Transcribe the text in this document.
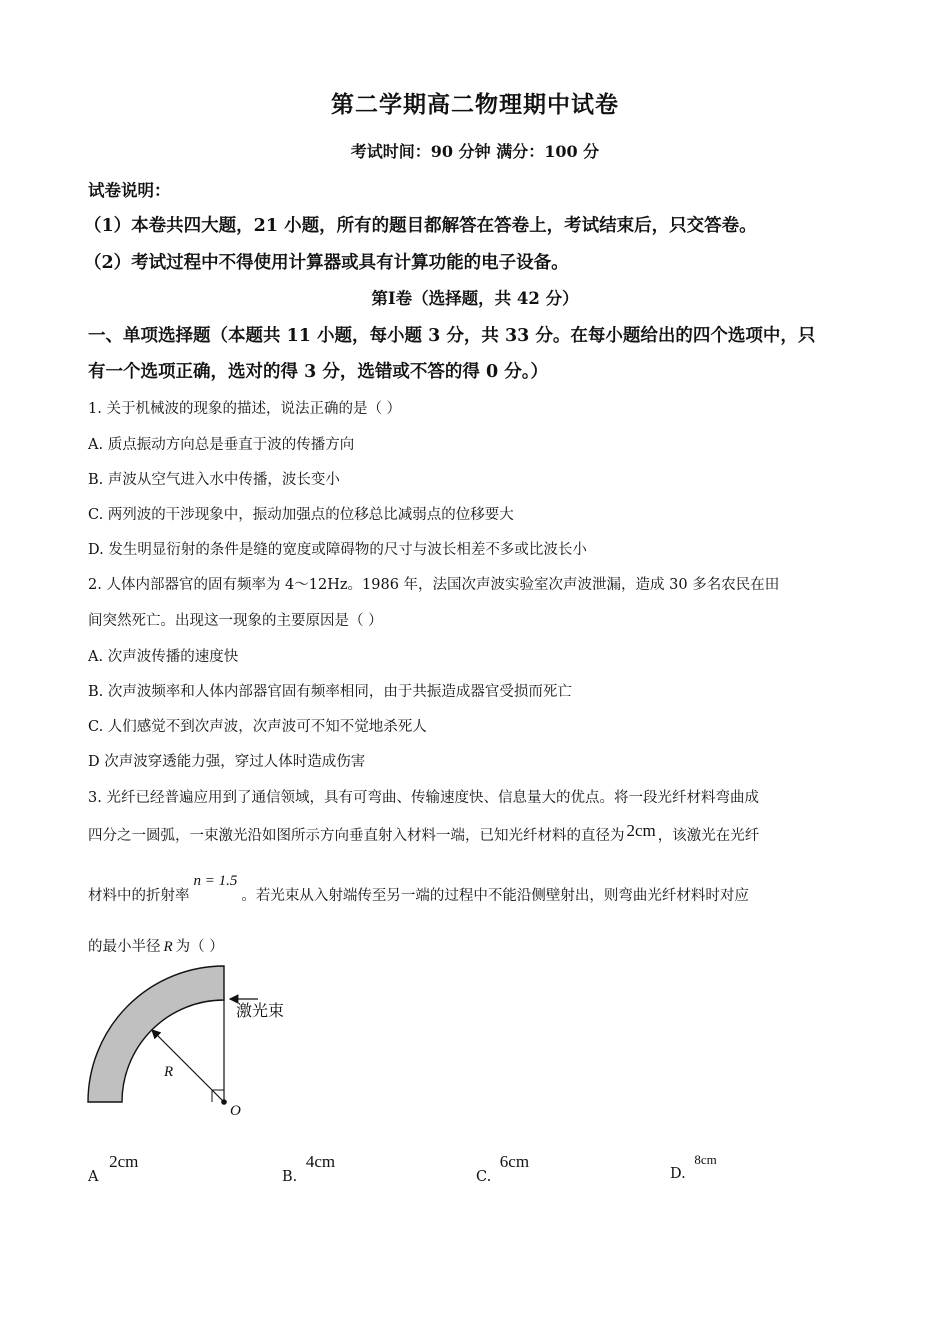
第二学期高二物理期中试卷
考试时间：90 分钟 满分：100 分
试卷说明：
（1）本卷共四大题，21 小题，所有的题目都解答在答卷上，考试结束后，只交答卷。
（2）考试过程中不得使用计算器或具有计算功能的电子设备。
第Ⅰ卷（选择题，共 42 分）
一、单项选择题（本题共 11 小题，每小题 3 分，共 33 分。在每小题给出的四个选项中，只
有一个选项正确，选对的得 3 分，选错或不答的得 0 分。）
1. 关于机械波的现象的描述，说法正确的是（ ）
A. 质点振动方向总是垂直于波的传播方向
B. 声波从空气进入水中传播，波长变小
C. 两列波的干涉现象中，振动加强点的位移总比减弱点的位移要大
D. 发生明显衍射的条件是缝的宽度或障碍物的尺寸与波长相差不多或比波长小
2. 人体内部器官的固有频率为 4～12Hz。1986 年，法国次声波实验室次声波泄漏，造成 30 多名农民在田
间突然死亡。出现这一现象的主要原因是（ ）
A. 次声波传播的速度快
B. 次声波频率和人体内部器官固有频率相同，由于共振造成器官受损而死亡
C. 人们感觉不到次声波，次声波可不知不觉地杀死人
D 次声波穿透能力强，穿过人体时造成伤害
3. 光纤已经普遍应用到了通信领域，具有可弯曲、传输速度快、信息量大的优点。将一段光纤材料弯曲成
四分之一圆弧，一束激光沿如图所示方向垂直射入材料一端，已知光纤材料的直径为 2cm ，该激光在光纤
材料中的折射率n = 1.5。若光束从入射端传至另一端的过程中不能沿侧壁射出，则弯曲光纤材料时对应
的最小半径 R 为（ ）
激光束
R
O
A 2cm
B. 4cm
C. 6cm
D. 8cm
